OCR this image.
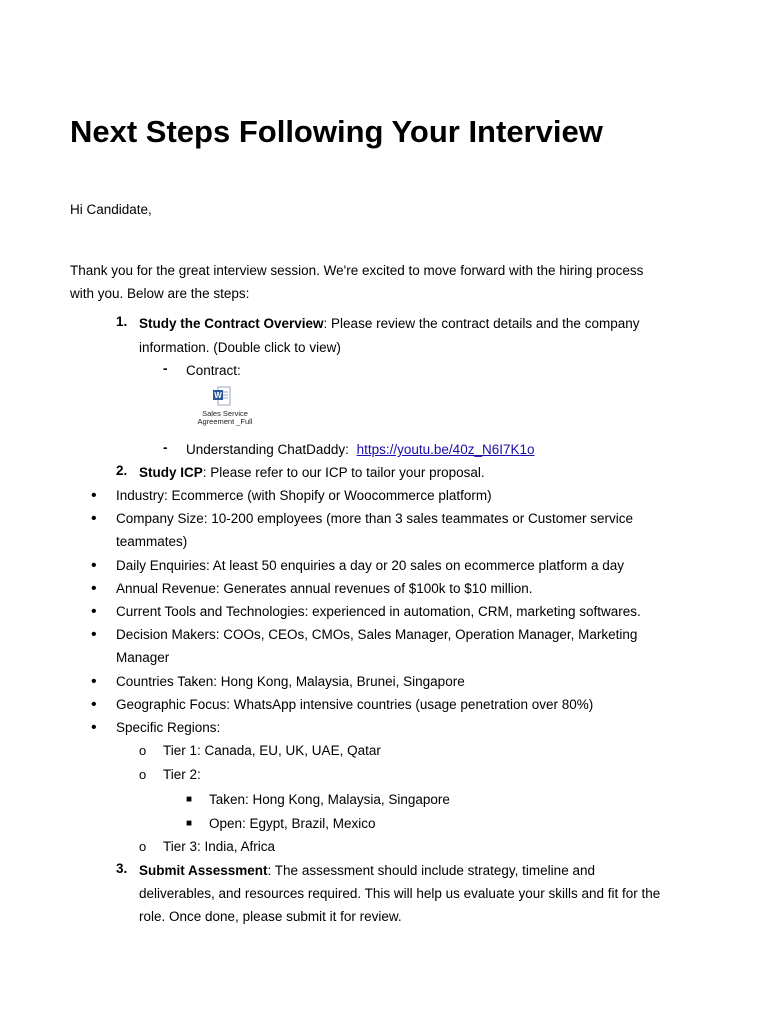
Next Steps Following Your Interview

Hi Candidate,

Thank you for the great interview session. We're excited to move forward with the hiring process
with you. Below are the steps:
1. Study the Contract Overview: Please review the contract details and the company
information. (Double click to view)
- Contract:
W
Sales Service Agreement _Full
- Understanding ChatDaddy: https://youtu.be/40z_N6I7K1o
2. Study ICP: Please refer to our ICP to tailor your proposal.
• Industry: Ecommerce (with Shopify or Woocommerce platform)
• Company Size: 10-200 employees (more than 3 sales teammates or Customer service
teammates)
• Daily Enquiries: At least 50 enquiries a day or 20 sales on ecommerce platform a day
• Annual Revenue: Generates annual revenues of $100k to $10 million.
• Current Tools and Technologies: experienced in automation, CRM, marketing softwares.
• Decision Makers: COOs, CEOs, CMOs, Sales Manager, Operation Manager, Marketing
Manager
• Countries Taken: Hong Kong, Malaysia, Brunei, Singapore
• Geographic Focus: WhatsApp intensive countries (usage penetration over 80%)
• Specific Regions:
o Tier 1: Canada, EU, UK, UAE, Qatar
o Tier 2:
■ Taken: Hong Kong, Malaysia, Singapore
■ Open: Egypt, Brazil, Mexico
o Tier 3: India, Africa
3. Submit Assessment: The assessment should include strategy, timeline and
deliverables, and resources required. This will help us evaluate your skills and fit for the
role. Once done, please submit it for review.
